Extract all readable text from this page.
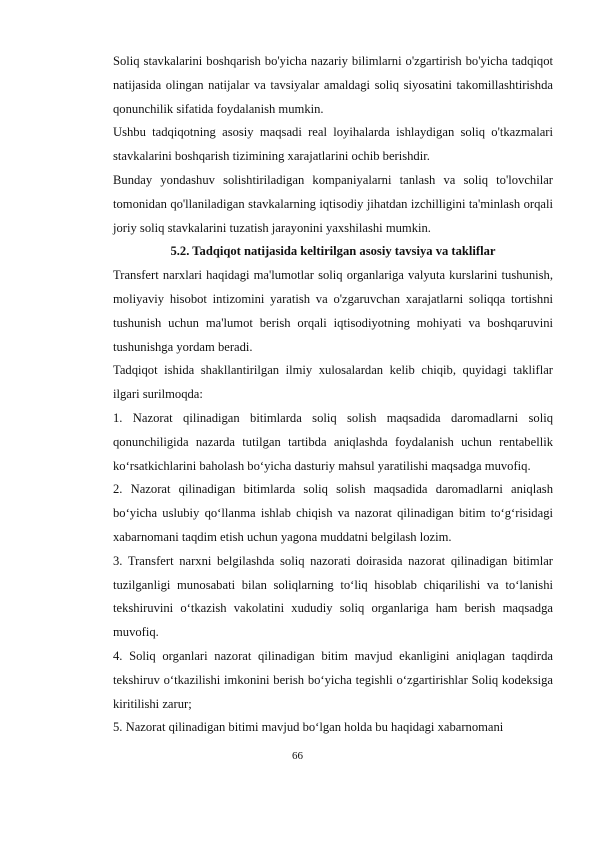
Soliq stavkalarini boshqarish bo'yicha nazariy bilimlarni o'zgartirish bo'yicha tadqiqot natijasida olingan natijalar va tavsiyalar amaldagi soliq siyosatini takomillashtirishda qonunchilik sifatida foydalanish mumkin.

Ushbu tadqiqotning asosiy maqsadi real loyihalarda ishlaydigan soliq o'tkazmalari stavkalarini boshqarish tizimining xarajatlarini ochib berishdir.

Bunday yondashuv solishtiriladigan kompaniyalarni tanlash va soliq to'lovchilar tomonidan qo'llaniladigan stavkalarning iqtisodiy jihatdan izchilligini ta'minlash orqali joriy soliq stavkalarini tuzatish jarayonini yaxshilashi mumkin.

5.2. Tadqiqot natijasida keltirilgan asosiy tavsiya va takliflar

Transfert narxlari haqidagi ma'lumotlar soliq organlariga valyuta kurslarini tushunish, moliyaviy hisobot intizomini yaratish va o'zgaruvchan xarajatlarni soliqqa tortishni tushunish uchun ma'lumot berish orqali iqtisodiyotning mohiyati va boshqaruvini tushunishga yordam beradi.

Tadqiqot ishida shakllantirilgan ilmiy xulosalardan kelib chiqib, quyidagi takliflar ilgari surilmoqda:

1. Nazorat qilinadigan bitimlarda soliq solish maqsadida daromadlarni soliq qonunchiligida nazarda tutilgan tartibda aniqlashda foydalanish uchun rentabellik ko‘rsatkichlarini baholash bo‘yicha dasturiy mahsul yaratilishi maqsadga muvofiq.

2. Nazorat qilinadigan bitimlarda soliq solish maqsadida daromadlarni aniqlash bo‘yicha uslubiy qo‘llanma ishlab chiqish va nazorat qilinadigan bitim to‘g‘risidagi xabarnomani taqdim etish uchun yagona muddatni belgilash lozim.

3. Transfert narxni belgilashda soliq nazorati doirasida nazorat qilinadigan bitimlar tuzilganligi munosabati bilan soliqlarning to‘liq hisoblab chiqarilishi va to‘lanishi tekshiruvini o‘tkazish vakolatini xududiy soliq organlariga ham berish maqsadga muvofiq.

4. Soliq organlari nazorat qilinadigan bitim mavjud ekanligini aniqlagan taqdirda tekshiruv o‘tkazilishi imkonini berish bo‘yicha tegishli o‘zgartirishlar Soliq kodeksiga kiritilishi zarur;

5. Nazorat qilinadigan bitimi mavjud bo‘lgan holda bu haqidagi xabarnomani

66
